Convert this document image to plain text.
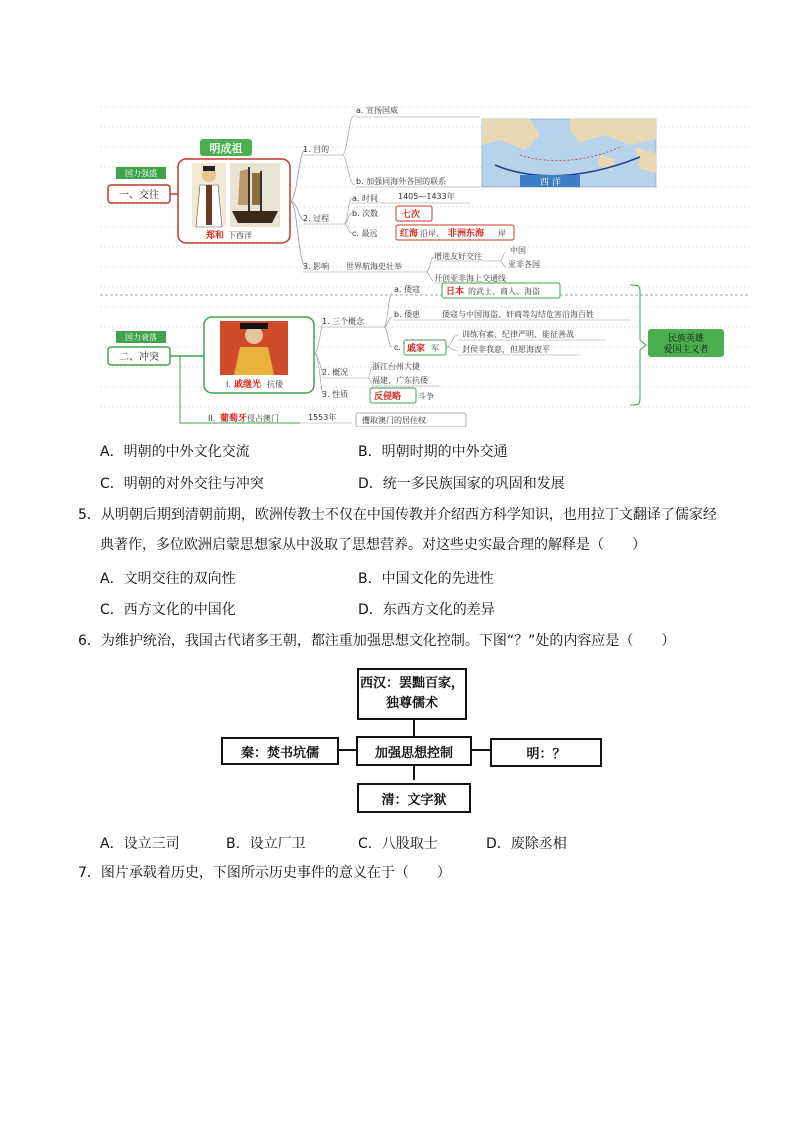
国力强盛
一、交往
明成祖
郑和 下西洋
1. 目的
a. 宣扬国威
b. 加强同海外各国的联系	西 洋
2. 过程
a. 时间	1405—1433年
b. 次数	七次
c. 最远	红海 沿岸、 非洲东海 岸
3. 影响 世界航海史壮举
增进友好交往
中国
亚非各国
开创亚非海上交通线
国力衰落
二、冲突
I. 戚继光 抗倭
1. 三个概念
a. 倭寇	日本 的武士、商人、海盗
b. 倭患	倭寇与中国海盗、奸商等勾结危害沿海百姓
c. 戚家 军
训练有素、纪律严明、能征善战
封侯非我意，但愿海波平
民族英雄
爱国主义者
2. 概况
浙江台州大捷
福建、广东抗倭
3. 性质	反侵略 斗争
II. 葡萄牙 侵占澳门	1553年	攫取澳门的居住权
A．明朝的中外文化交流	B．明朝时期的中外交通
C．明朝的对外交往与冲突	D．统一多民族国家的巩固和发展
5．从明朝后期到清朝前期，欧洲传教士不仅在中国传教并介绍西方科学知识，也用拉丁文翻译了儒家经
典著作，多位欧洲启蒙思想家从中汲取了思想营养。对这些史实最合理的解释是（　　）
A．文明交往的双向性	B．中国文化的先进性
C．西方文化的中国化	D．东西方文化的差异
6．为维护统治，我国古代诸多王朝，都注重加强思想文化控制。下图“？”处的内容应是（　　）
西汉：罢黜百家，独尊儒术
秦：焚书坑儒	加强思想控制	明：？
清：文字狱
A．设立三司	B．设立厂卫	C．八股取士	D．废除丞相
7．图片承载着历史，下图所示历史事件的意义在于（　　）
